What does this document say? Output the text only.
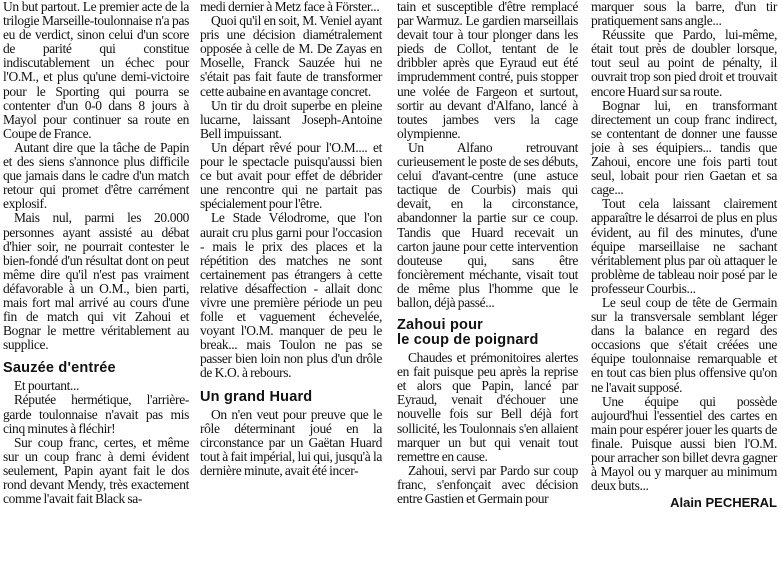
Un but partout. Le premier acte de la trilogie Marseille-toulonnaise n'a pas eu de verdict, sinon celui d'un score de parité qui constitue indiscutablement un échec pour l'O.M., et plus qu'une demi-victoire pour le Sporting qui pourra se contenter d'un 0-0 dans 8 jours à Mayol pour continuer sa route en Coupe de France.

Autant dire que la tâche de Papin et des siens s'annonce plus difficile que jamais dans le cadre d'un match retour qui promet d'être carrément explosif.

Mais nul, parmi les 20.000 personnes ayant assisté au débat d'hier soir, ne pourrait contester le bien-fondé d'un résultat dont on peut même dire qu'il n'est pas vraiment défavorable à un O.M., bien parti, mais fort mal arrivé au cours d'une fin de match qui vit Zahoui et Bognar le mettre véritablement au supplice.

Sauzée d'entrée

Et pourtant...

Réputée hermétique, l'arrière-garde toulonnaise n'avait pas mis cinq minutes à fléchir!

Sur coup franc, certes, et même sur un coup franc à demi évident seulement, Papin ayant fait le dos rond devant Mendy, très exactement comme l'avait fait Black sa-

medi dernier à Metz face à Förster...

Quoi qu'il en soit, M. Veniel ayant pris une décision diamétralement opposée à celle de M. De Zayas en Moselle, Franck Sauzée hui ne s'était pas fait faute de transformer cette aubaine en avantage concret.

Un tir du droit superbe en pleine lucarne, laissant Joseph-Antoine Bell impuissant.

Un départ rêvé pour l'O.M.... et pour le spectacle puisqu'aussi bien ce but avait pour effet de débrider une rencontre qui ne partait pas spécialement pour l'être.

Le Stade Vélodrome, que l'on aurait cru plus garni pour l'occasion - mais le prix des places et la répétition des matches ne sont certainement pas étrangers à cette relative désaffection - allait donc vivre une première période un peu folle et vaguement échevelée, voyant l'O.M. manquer de peu le break... mais Toulon ne pas se passer bien loin non plus d'un drôle de K.O. à rebours.

Un grand Huard

On n'en veut pour preuve que le rôle déterminant joué en la circonstance par un Gaëtan Huard tout à fait impérial, lui qui, jusqu'à la dernière minute, avait été incer-

tain et susceptible d'être remplacé par Warmuz. Le gardien marseillais devait tour à tour plonger dans les pieds de Collot, tentant de le dribbler après que Eyraud eut été imprudemment contré, puis stopper une volée de Fargeon et surtout, sortir au devant d'Alfano, lancé à toutes jambes vers la cage olympienne.

Un Alfano retrouvant curieusement le poste de ses débuts, celui d'avant-centre (une astuce tactique de Courbis) mais qui devait, en la circonstance, abandonner la partie sur ce coup. Tandis que Huard recevait un carton jaune pour cette intervention douteuse qui, sans être foncièrement méchante, visait tout de même plus l'homme que le ballon, déjà passé...

Zahoui pour
le coup de poignard

Chaudes et prémonitoires alertes en fait puisque peu après la reprise et alors que Papin, lancé par Eyraud, venait d'échouer une nouvelle fois sur Bell déjà fort sollicité, les Toulonnais s'en allaient marquer un but qui venait tout remettre en cause.

Zahoui, servi par Pardo sur coup franc, s'enfonçait avec décision entre Gastien et Germain pour

marquer sous la barre, d'un tir pratiquement sans angle...

Réussite que Pardo, lui-même, était tout près de doubler lorsque, tout seul au point de pénalty, il ouvrait trop son pied droit et trouvait encore Huard sur sa route.

Bognar lui, en transformant directement un coup franc indirect, se contentant de donner une fausse joie à ses équipiers... tandis que Zahoui, encore une fois parti tout seul, lobait pour rien Gaetan et sa cage...

Tout cela laissant clairement apparaître le désarroi de plus en plus évident, au fil des minutes, d'une équipe marseillaise ne sachant véritablement plus par où attaquer le problème de tableau noir posé par le professeur Courbis...

Le seul coup de tête de Germain sur la transversale semblant léger dans la balance en regard des occasions que s'était créées une équipe toulonnaise remarquable et en tout cas bien plus offensive qu'on ne l'avait supposé.

Une équipe qui possède aujourd'hui l'essentiel des cartes en main pour espérer jouer les quarts de finale. Puisque aussi bien l'O.M. pour arracher son billet devra gagner à Mayol ou y marquer au minimum deux buts...

Alain PECHERAL
